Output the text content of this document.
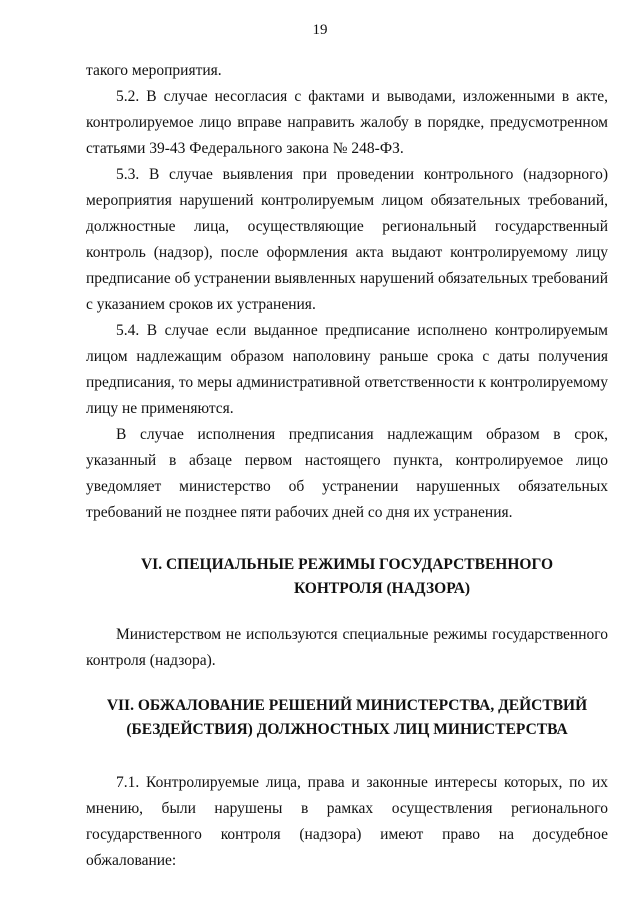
19

такого мероприятия.

5.2. В случае несогласия с фактами и выводами, изложенными в акте, контролируемое лицо вправе направить жалобу в порядке, предусмотренном статьями 39-43 Федерального закона № 248-ФЗ.

5.3. В случае выявления при проведении контрольного (надзорного) мероприятия нарушений контролируемым лицом обязательных требований, должностные лица, осуществляющие региональный государственный контроль (надзор), после оформления акта выдают контролируемому лицу предписание об устранении выявленных нарушений обязательных требований с указанием сроков их устранения.

5.4. В случае если выданное предписание исполнено контролируемым лицом надлежащим образом наполовину раньше срока с даты получения предписания, то меры административной ответственности к контролируемому лицу не применяются.

В случае исполнения предписания надлежащим образом в срок, указанный в абзаце первом настоящего пункта, контролируемое лицо уведомляет министерство об устранении нарушенных обязательных требований не позднее пяти рабочих дней со дня их устранения.

VI. СПЕЦИАЛЬНЫЕ РЕЖИМЫ ГОСУДАРСТВЕННОГО
КОНТРОЛЯ (НАДЗОРА)

Министерством не используются специальные режимы государственного контроля (надзора).

VII. ОБЖАЛОВАНИЕ РЕШЕНИЙ МИНИСТЕРСТВА, ДЕЙСТВИЙ
(БЕЗДЕЙСТВИЯ) ДОЛЖНОСТНЫХ ЛИЦ МИНИСТЕРСТВА

7.1. Контролируемые лица, права и законные интересы которых, по их мнению, были нарушены в рамках осуществления регионального государственного контроля (надзора) имеют право на досудебное обжалование:
